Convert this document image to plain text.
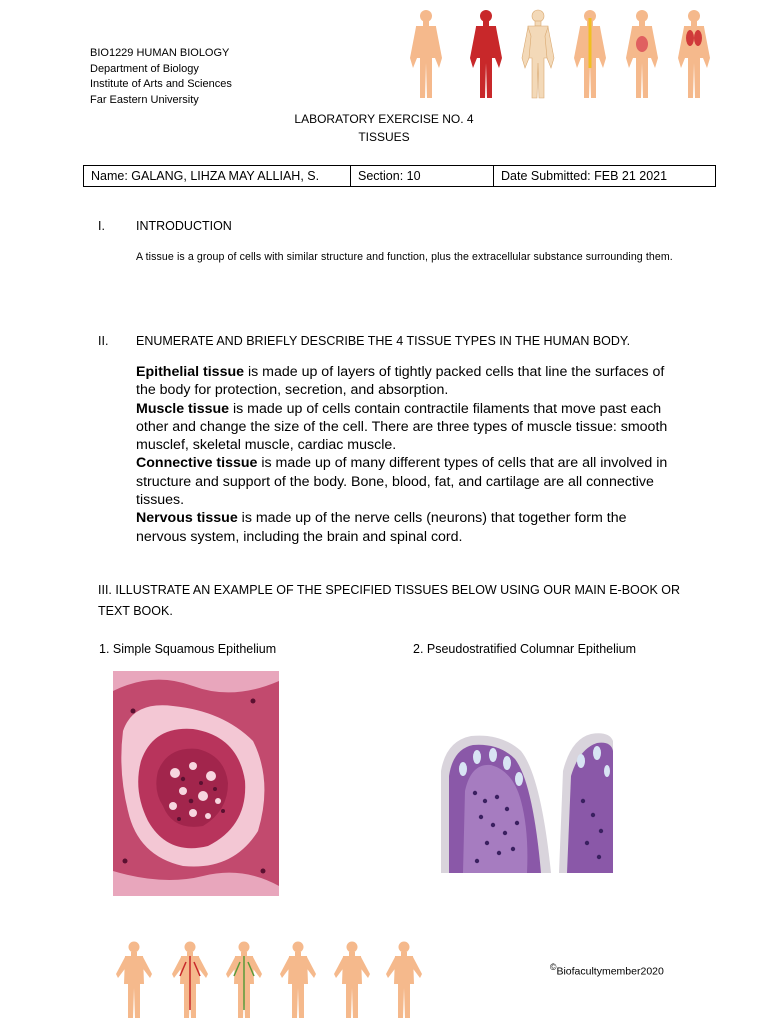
BIO1229 HUMAN BIOLOGY
Department of Biology
Institute of Arts and Sciences
Far Eastern University
LABORATORY EXERCISE NO. 4
TISSUES
Name: GALANG, LIHZA MAY ALLIAH, S.	Section: 10	Date Submitted: FEB 21 2021
I. INTRODUCTION

A tissue is a group of cells with similar structure and function, plus the extracellular substance surrounding them.

II. ENUMERATE AND BRIEFLY DESCRIBE THE 4 TISSUE TYPES IN THE HUMAN BODY.
Epithelial tissue is made up of layers of tightly packed cells that line the surfaces of the body for protection, secretion, and absorption.
Muscle tissue is made up of cells contain contractile filaments that move past each other and change the size of the cell. There are three types of muscle tissue: smooth musclef, skeletal muscle, cardiac muscle.
Connective tissue is made up of many different types of cells that are all involved in structure and support of the body. Bone, blood, fat, and cartilage are all connective tissues.
Nervous tissue is made up of the nerve cells (neurons) that together form the nervous system, including the brain and spinal cord.
III. ILLUSTRATE AN EXAMPLE OF THE SPECIFIED TISSUES BELOW USING OUR MAIN E-BOOK OR TEXT BOOK.
1. Simple Squamous Epithelium	2. Pseudostratified Columnar Epithelium
©Biofacultymember2020
